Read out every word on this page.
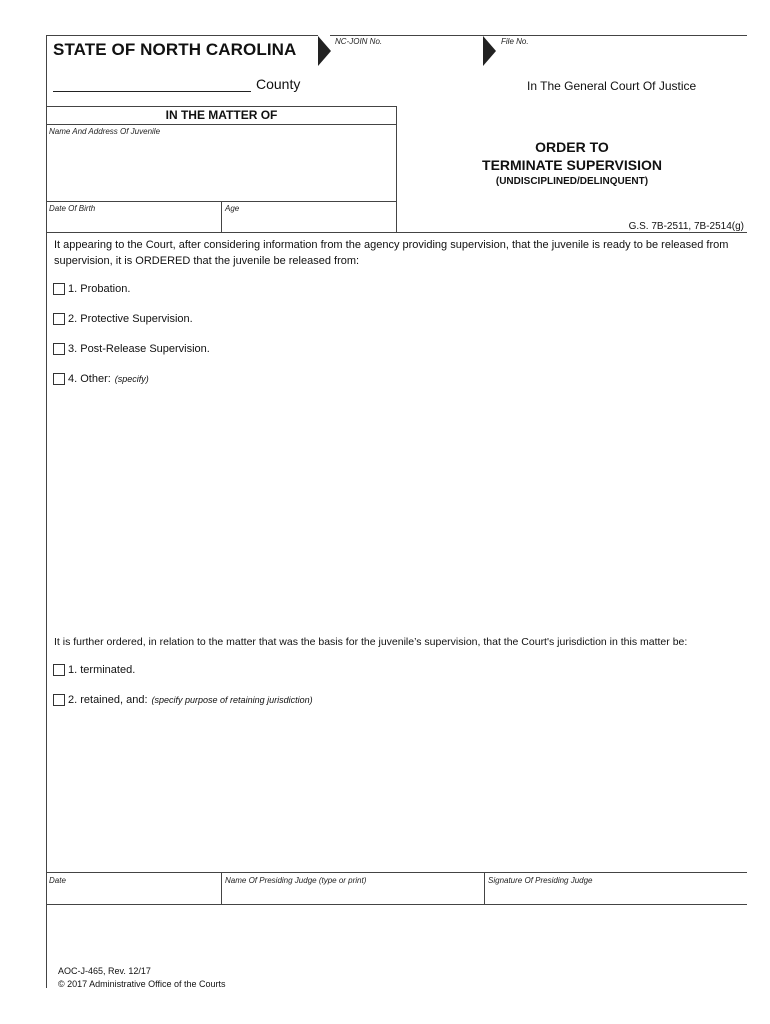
STATE OF NORTH CAROLINA	NC-JOIN No.	File No.
County	In The General Court Of Justice
IN THE MATTER OF
Name And Address Of Juvenile
Date Of Birth	Age
ORDER TO
TERMINATE SUPERVISION
(UNDISCIPLINED/DELINQUENT)
G.S. 7B-2511, 7B-2514(g)
It appearing to the Court, after considering information from the agency providing supervision, that the juvenile is ready to be released from supervision, it is ORDERED that the juvenile be released from:
1. Probation.
2. Protective Supervision.
3. Post-Release Supervision.
4. Other: (specify)
It is further ordered, in relation to the matter that was the basis for the juvenile’s supervision, that the Court's jurisdiction in this matter be:
1. terminated.
2. retained, and: (specify purpose of retaining jurisdiction)
Date	Name Of Presiding Judge (type or print)	Signature Of Presiding Judge
AOC-J-465, Rev. 12/17
© 2017 Administrative Office of the Courts
